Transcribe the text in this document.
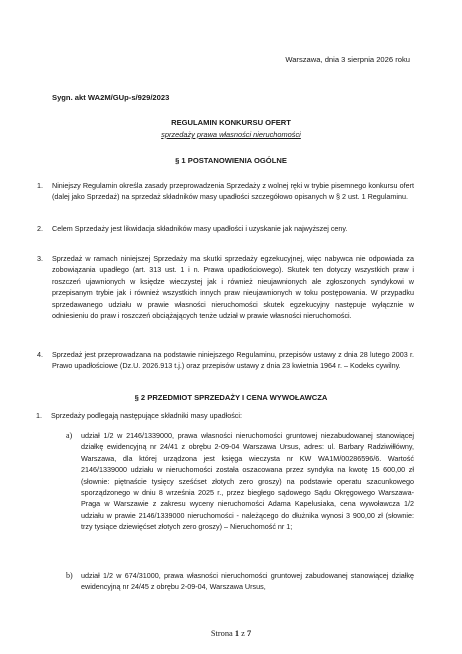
Warszawa, dnia 3 sierpnia 2026 roku
Sygn. akt WA2M/GUp-s/929/2023
REGULAMIN KONKURSU OFERT
sprzedaży prawa własności nieruchomości
§ 1 POSTANOWIENIA OGÓLNE
1. Niniejszy Regulamin określa zasady przeprowadzenia Sprzedaży z wolnej ręki w trybie pisemnego konkursu ofert (dalej jako Sprzedaż) na sprzedaż składników masy upadłości szczegółowo opisanych w § 2 ust. 1 Regulaminu.
2. Celem Sprzedaży jest likwidacja składników masy upadłości i uzyskanie jak najwyższej ceny.
3. Sprzedaż w ramach niniejszej Sprzedaży ma skutki sprzedaży egzekucyjnej, więc nabywca nie odpowiada za zobowiązania upadłego (art. 313 ust. 1 i n. Prawa upadłościowego). Skutek ten dotyczy wszystkich praw i roszczeń ujawnionych w księdze wieczystej jak i również nieujawnionych ale zgłoszonych syndykowi w przepisanym trybie jak i również wszystkich innych praw nieujawnionych w toku postępowania. W przypadku sprzedawanego udziału w prawie własności nieruchomości skutek egzekucyjny następuje wyłącznie w odniesieniu do praw i roszczeń obciążających tenże udział w prawie własności nieruchomości.
4. Sprzedaż jest przeprowadzana na podstawie niniejszego Regulaminu, przepisów ustawy z dnia 28 lutego 2003 r. Prawo upadłościowe (Dz.U. 2026.913 t.j.) oraz przepisów ustawy z dnia 23 kwietnia 1964 r. – Kodeks cywilny.
§ 2 PRZEDMIOT SPRZEDAŻY I CENA WYWOŁAWCZA
1. Sprzedaży podlegają następujące składniki masy upadłości:
a) udział 1/2 w 2146/1339000, prawa własności nieruchomości gruntowej niezabudowanej stanowiącej działkę ewidencyjną nr 24/41 z obrębu 2-09-04 Warszawa Ursus, adres: ul. Barbary Radziwiłłówny, Warszawa, dla której urządzona jest księga wieczysta nr KW WA1M/00286596/6. Wartość 2146/1339000 udziału w nieruchomości została oszacowana przez syndyka na kwotę 15 600,00 zł (słownie: piętnaście tysięcy sześćset złotych zero groszy) na podstawie operatu szacunkowego sporządzonego w dniu 8 września 2025 r., przez biegłego sądowego Sądu Okręgowego Warszawa-Praga w Warszawie z zakresu wyceny nieruchomości Adama Kapelusiaka, cena wywoławcza 1/2 udziału w prawie 2146/1339000 nieruchomości - należącego do dłużnika wynosi 3 900,00 zł (słownie: trzy tysiące dziewięćset złotych zero groszy) – Nieruchomość nr 1;
b) udział 1/2 w 674/31000, prawa własności nieruchomości gruntowej zabudowanej stanowiącej działkę ewidencyjną nr 24/45 z obrębu 2-09-04, Warszawa Ursus,
Strona 1 z 7
